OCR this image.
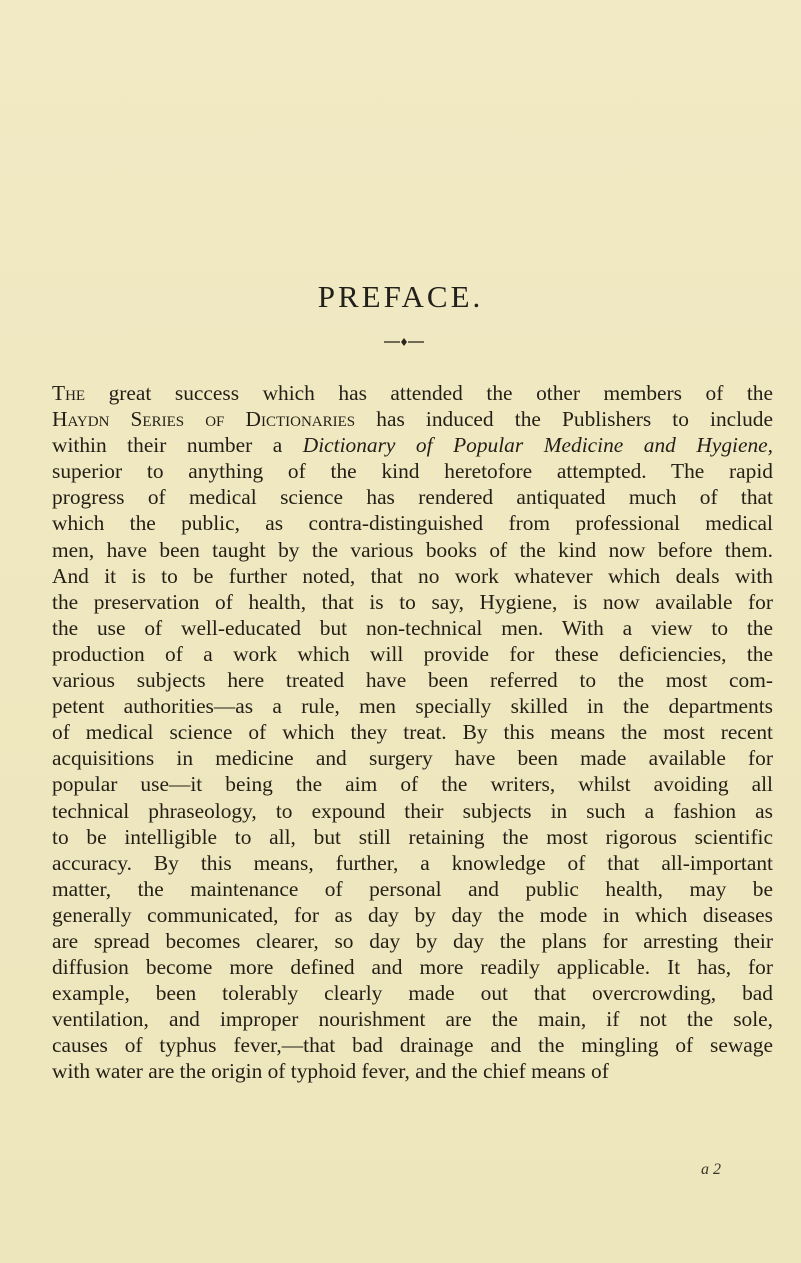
PREFACE.

The great success which has attended the other members of the
Haydn Series of Dictionaries has induced the Publishers to include
within their number a Dictionary of Popular Medicine and Hygiene,
superior to anything of the kind heretofore attempted. The rapid
progress of medical science has rendered antiquated much of that
which the public, as contra-distinguished from professional medical
men, have been taught by the various books of the kind now before them.
And it is to be further noted, that no work whatever which deals with
the preservation of health, that is to say, Hygiene, is now available for
the use of well-educated but non-technical men. With a view to the
production of a work which will provide for these deficiencies, the
various subjects here treated have been referred to the most com-
petent authorities—as a rule, men specially skilled in the departments
of medical science of which they treat. By this means the most recent
acquisitions in medicine and surgery have been made available for
popular use—it being the aim of the writers, whilst avoiding all
technical phraseology, to expound their subjects in such a fashion as
to be intelligible to all, but still retaining the most rigorous scientific
accuracy. By this means, further, a knowledge of that all-important
matter, the maintenance of personal and public health, may be
generally communicated, for as day by day the mode in which diseases
are spread becomes clearer, so day by day the plans for arresting their
diffusion become more defined and more readily applicable. It has, for
example, been tolerably clearly made out that overcrowding, bad
ventilation, and improper nourishment are the main, if not the sole,
causes of typhus fever,—that bad drainage and the mingling of sewage
with water are the origin of typhoid fever, and the chief means of

a 2
